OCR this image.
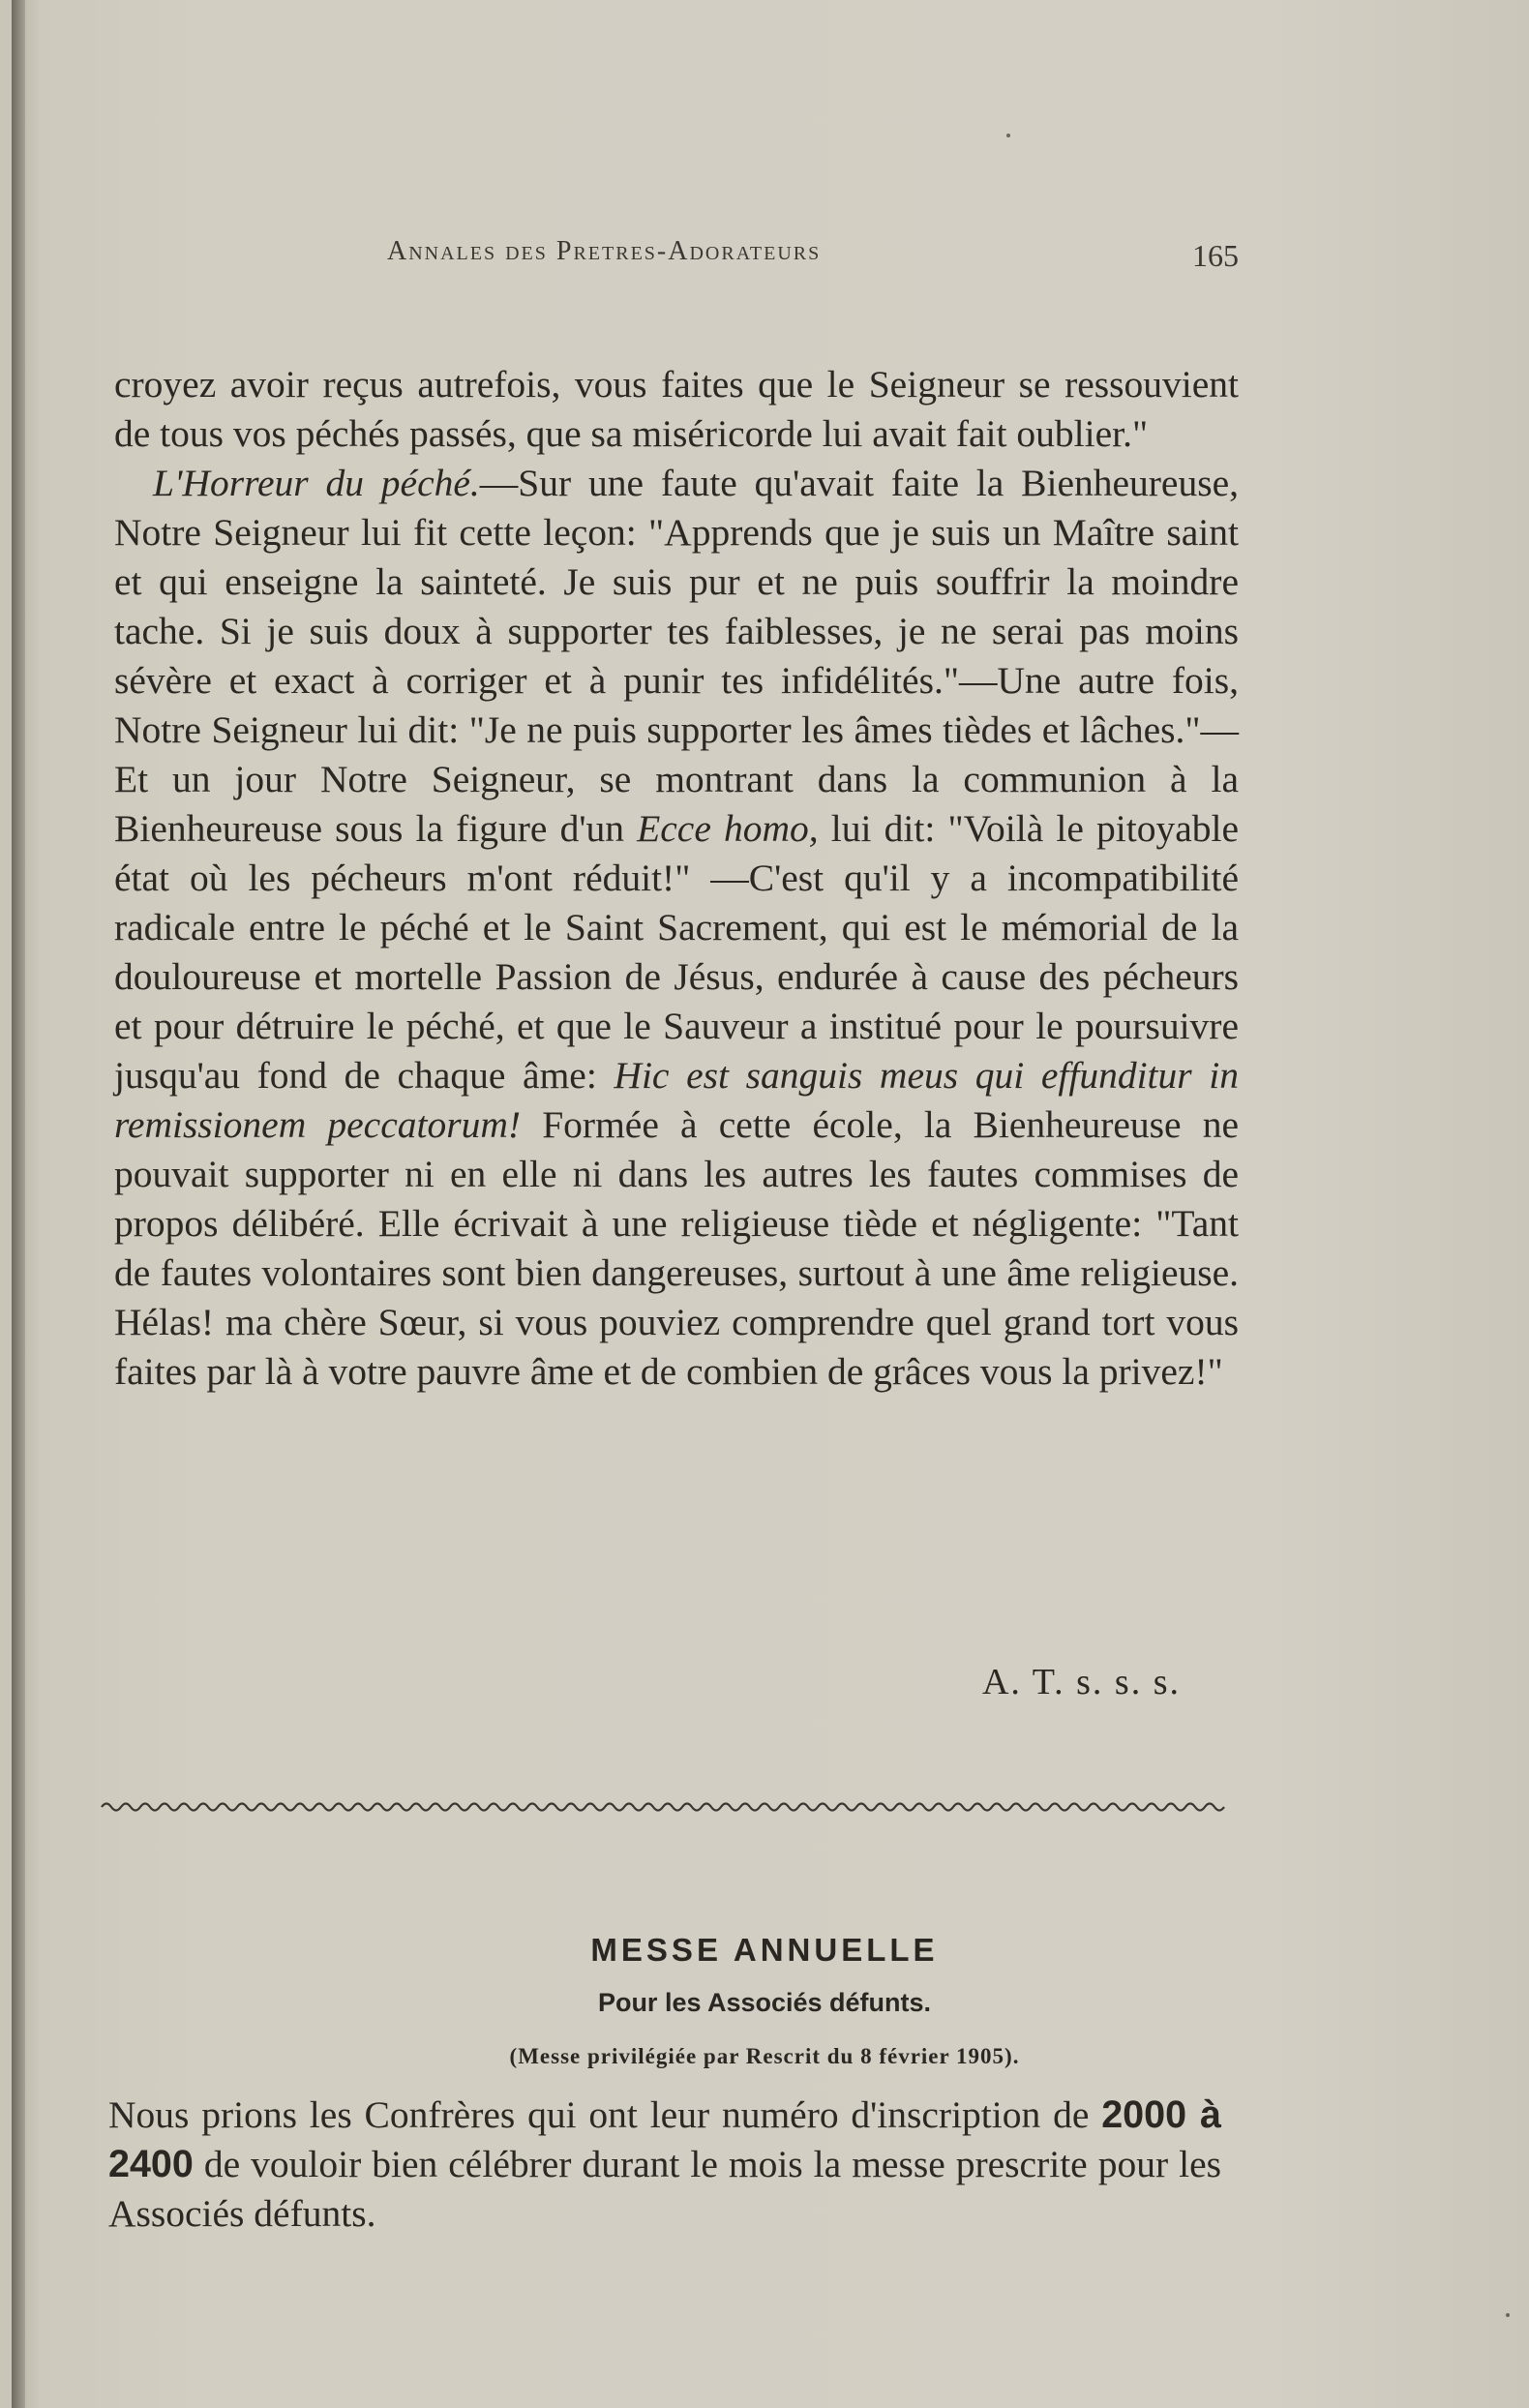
Annales des Pretres-Adorateurs	165

croyez avoir reçus autrefois, vous faites que le Seigneur se ressouvient de tous vos péchés passés, que sa miséricorde lui avait fait oublier."

L'Horreur du péché.—Sur une faute qu'avait faite la Bienheureuse, Notre Seigneur lui fit cette leçon: "Apprends que je suis un Maître saint et qui enseigne la sainteté. Je suis pur et ne puis souffrir la moindre tache. Si je suis doux à supporter tes faiblesses, je ne serai pas moins sévère et exact à corriger et à punir tes infidélités."—Une autre fois, Notre Seigneur lui dit: "Je ne puis supporter les âmes tièdes et lâches."—Et un jour Notre Seigneur, se montrant dans la communion à la Bienheureuse sous la figure d'un Ecce homo, lui dit: "Voilà le pitoyable état où les pécheurs m'ont réduit!" —C'est qu'il y a incompatibilité radicale entre le péché et le Saint Sacrement, qui est le mémorial de la douloureuse et mortelle Passion de Jésus, endurée à cause des pécheurs et pour détruire le péché, et que le Sauveur a institué pour le poursuivre jusqu'au fond de chaque âme: Hic est sanguis meus qui effunditur in remissionem peccatorum! Formée à cette école, la Bienheureuse ne pouvait supporter ni en elle ni dans les autres les fautes commises de propos délibéré. Elle écrivait à une religieuse tiède et négligente: "Tant de fautes volontaires sont bien dangereuses, surtout à une âme religieuse. Hélas! ma chère Sœur, si vous pouviez comprendre quel grand tort vous faites par là à votre pauvre âme et de combien de grâces vous la privez!"

A. T. s. s. s.
MESSE ANNUELLE
Pour les Associés défunts.
(Messe privilégiée par Rescrit du 8 février 1905).
Nous prions les Confrères qui ont leur numéro d'inscription de 2000 à 2400 de vouloir bien célébrer durant le mois la messe prescrite pour les Associés défunts.
